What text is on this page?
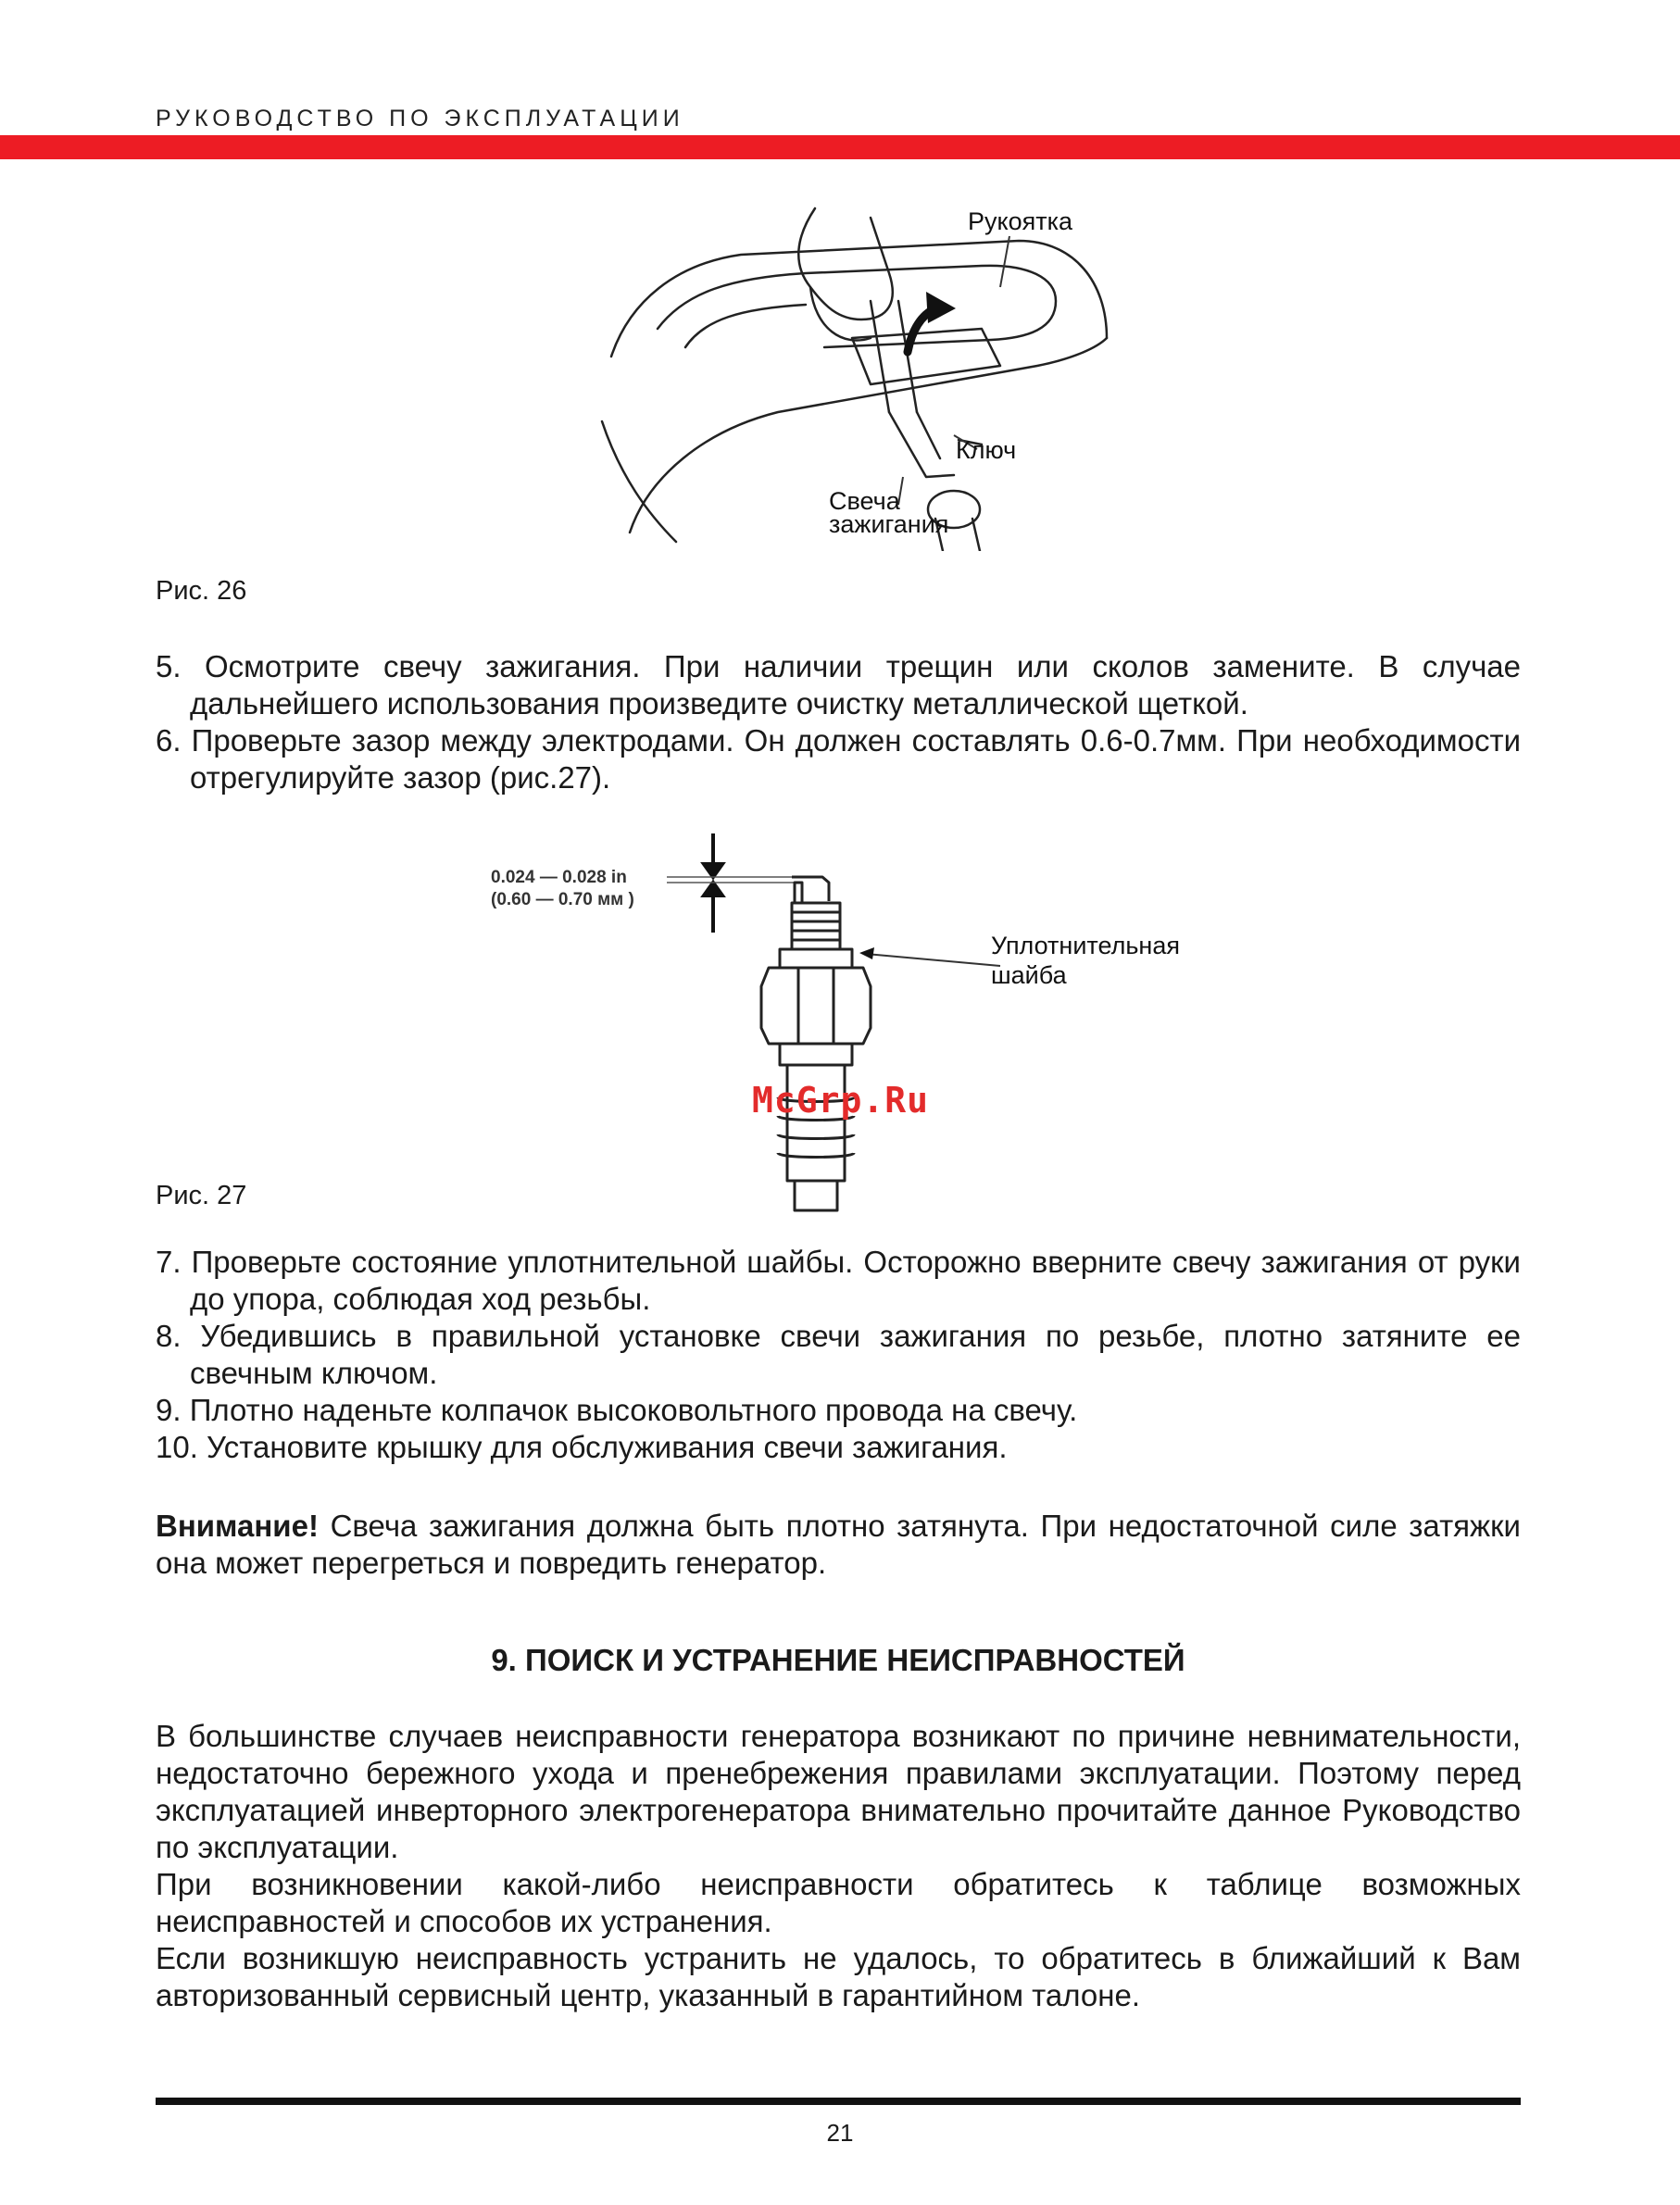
РУКОВОДСТВО ПО ЭКСПЛУАТАЦИИ
Рукоятка
Ключ
Свеча
зажигания
Рис. 26
5. Осмотрите свечу зажигания. При наличии трещин или сколов замените. В случае дальнейшего использования произведите очистку металлической щеткой.
6. Проверьте зазор между электродами. Он должен составлять 0.6-0.7мм. При необходимости отрегулируйте зазор (рис.27).
0.024 — 0.028 in
(0.60 — 0.70 мм )
Уплотнительная
шайба
McGrp.Ru
Рис. 27
7. Проверьте состояние уплотнительной шайбы. Осторожно вверните свечу зажигания от руки до упора, соблюдая ход резьбы.
8. Убедившись в правильной установке свечи зажигания по резьбе, плотно затяните ее свечным ключом.
9. Плотно наденьте колпачок высоковольтного провода на свечу.
10. Установите крышку для обслуживания свечи зажигания.
Внимание! Свеча зажигания должна быть плотно затянута. При недостаточной силе затяжки она может перегреться и повредить генератор.
9. ПОИСК И УСТРАНЕНИЕ НЕИСПРАВНОСТЕЙ
В большинстве случаев неисправности генератора возникают по причине невнимательности, недостаточно бережного ухода и пренебрежения правилами эксплуатации. Поэтому перед эксплуатацией инверторного электрогенератора внимательно прочитайте данное Руководство по эксплуатации.
При возникновении какой-либо неисправности обратитесь к таблице возможных неисправностей и способов их устранения.
Если возникшую неисправность устранить не удалось, то обратитесь в ближайший к Вам авторизованный сервисный центр, указанный в гарантийном талоне.
21
